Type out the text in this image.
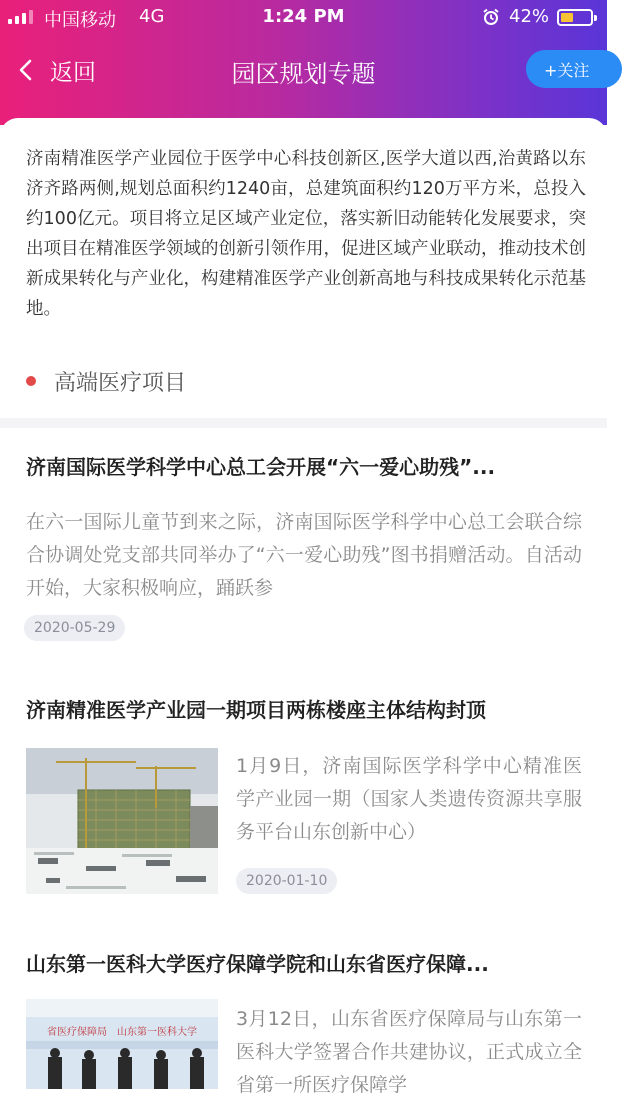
中国移动 4G	1:24 PM	42%
返回	园区规划专题	+关注

济南精准医学产业园位于医学中心科技创新区,医学大道以西,治黄路以东济齐路两侧,规划总面积约1240亩，总建筑面积约120万平方米，总投入约100亿元。项目将立足区域产业定位，落实新旧动能转化发展要求，突出项目在精准医学领域的创新引领作用，促进区域产业联动，推动技术创新成果转化与产业化，构建精准医学产业创新高地与科技成果转化示范基地。

高端医疗项目
济南国际医学科学中心总工会开展“六一爱心助残”...
在六一国际儿童节到来之际，济南国际医学科学中心总工会联合综合协调处党支部共同举办了“六一爱心助残”图书捐赠活动。自活动开始，大家积极响应，踊跃参
2020-05-29
济南精准医学产业园一期项目两栋楼座主体结构封顶
1月9日，济南国际医学科学中心精准医学产业园一期（国家人类遗传资源共享服务平台山东创新中心）
2020-01-10
山东第一医科大学医疗保障学院和山东省医疗保障...
省医疗保障局　山东第一医科大学
3月12日，山东省医疗保障局与山东第一医科大学签署合作共建协议，正式成立全省第一所医疗保障学
